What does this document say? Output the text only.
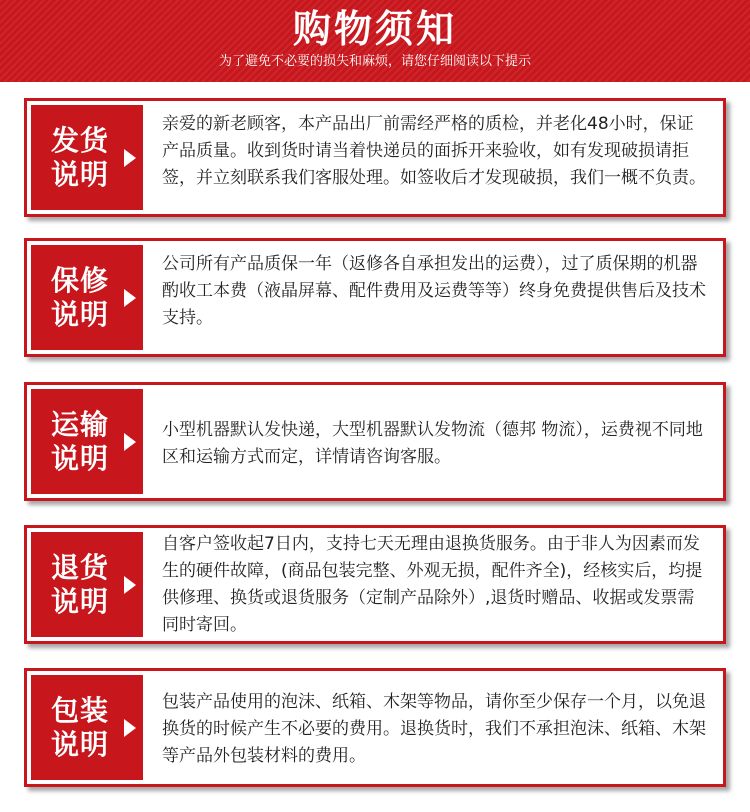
购物须知
为了避免不必要的损失和麻烦，请您仔细阅读以下提示
发货说明
亲爱的新老顾客，本产品出厂前需经严格的质检，并老化48小时，保证产品质量。收到货时请当着快递员的面拆开来验收，如有发现破损请拒签，并立刻联系我们客服处理。如签收后才发现破损，我们一概不负责。
保修说明
公司所有产品质保一年（返修各自承担发出的运费），过了质保期的机器酌收工本费（液晶屏幕、配件费用及运费等等）终身免费提供售后及技术支持。
运输说明
小型机器默认发快递，大型机器默认发物流（德邦 物流），运费视不同地区和运输方式而定，详情请咨询客服。
退货说明
自客户签收起7日内，支持七天无理由退换货服务。由于非人为因素而发生的硬件故障，(商品包装完整、外观无损，配件齐全)，经核实后，均提供修理、换货或退货服务（定制产品除外）,退货时赠品、收据或发票需同时寄回。
包装说明
包装产品使用的泡沫、纸箱、木架等物品，请你至少保存一个月，以免退换货的时候产生不必要的费用。退换货时，我们不承担泡沫、纸箱、木架等产品外包装材料的费用。
